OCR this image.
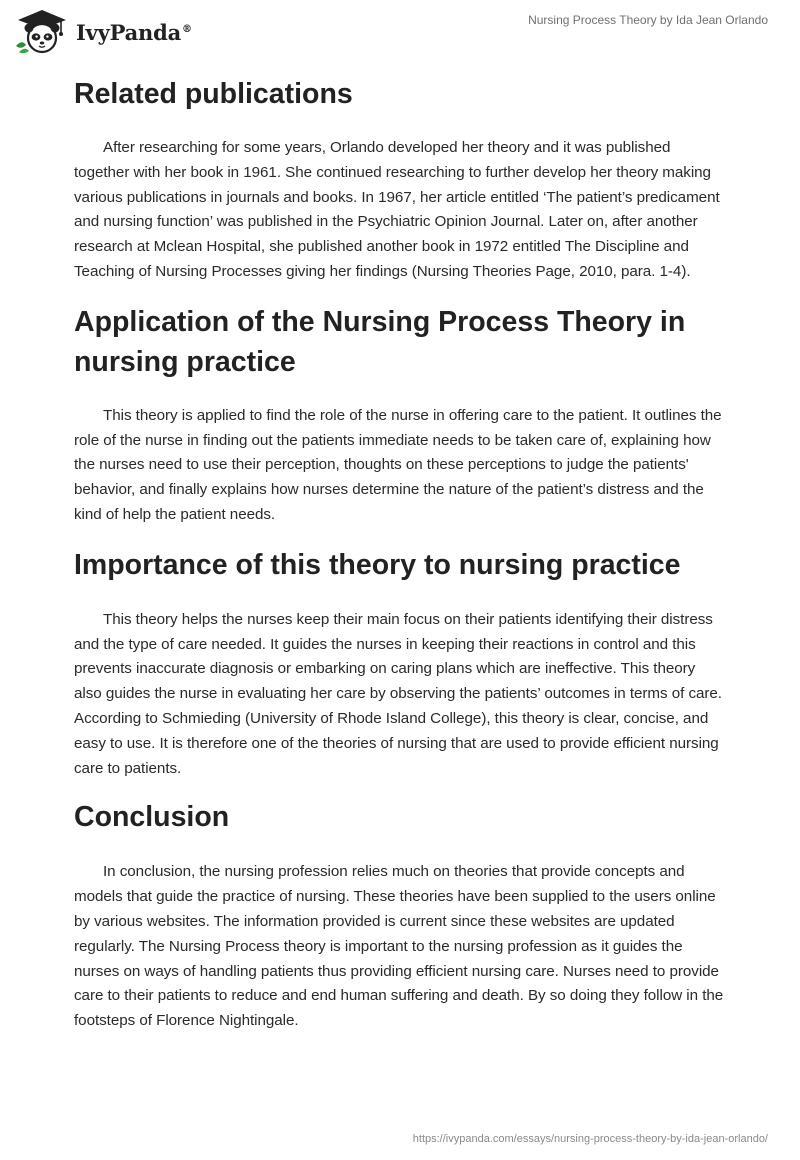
IvyPanda®
Nursing Process Theory by Ida Jean Orlando
Related publications

After researching for some years, Orlando developed her theory and it was published together with her book in 1961. She continued researching to further develop her theory making various publications in journals and books. In 1967, her article entitled ‘The patient’s predicament and nursing function’ was published in the Psychiatric Opinion Journal. Later on, after another research at Mclean Hospital, she published another book in 1972 entitled The Discipline and Teaching of Nursing Processes giving her findings (Nursing Theories Page, 2010, para. 1-4).

Application of the Nursing Process Theory in nursing practice

This theory is applied to find the role of the nurse in offering care to the patient. It outlines the role of the nurse in finding out the patients immediate needs to be taken care of, explaining how the nurses need to use their perception, thoughts on these perceptions to judge the patients' behavior, and finally explains how nurses determine the nature of the patient’s distress and the kind of help the patient needs.

Importance of this theory to nursing practice

This theory helps the nurses keep their main focus on their patients identifying their distress and the type of care needed. It guides the nurses in keeping their reactions in control and this prevents inaccurate diagnosis or embarking on caring plans which are ineffective. This theory also guides the nurse in evaluating her care by observing the patients’ outcomes in terms of care. According to Schmieding (University of Rhode Island College), this theory is clear, concise, and easy to use. It is therefore one of the theories of nursing that are used to provide efficient nursing care to patients.

Conclusion

In conclusion, the nursing profession relies much on theories that provide concepts and models that guide the practice of nursing. These theories have been supplied to the users online by various websites. The information provided is current since these websites are updated regularly. The Nursing Process theory is important to the nursing profession as it guides the nurses on ways of handling patients thus providing efficient nursing care. Nurses need to provide care to their patients to reduce and end human suffering and death. By so doing they follow in the footsteps of Florence Nightingale.

https://ivypanda.com/essays/nursing-process-theory-by-ida-jean-orlando/
